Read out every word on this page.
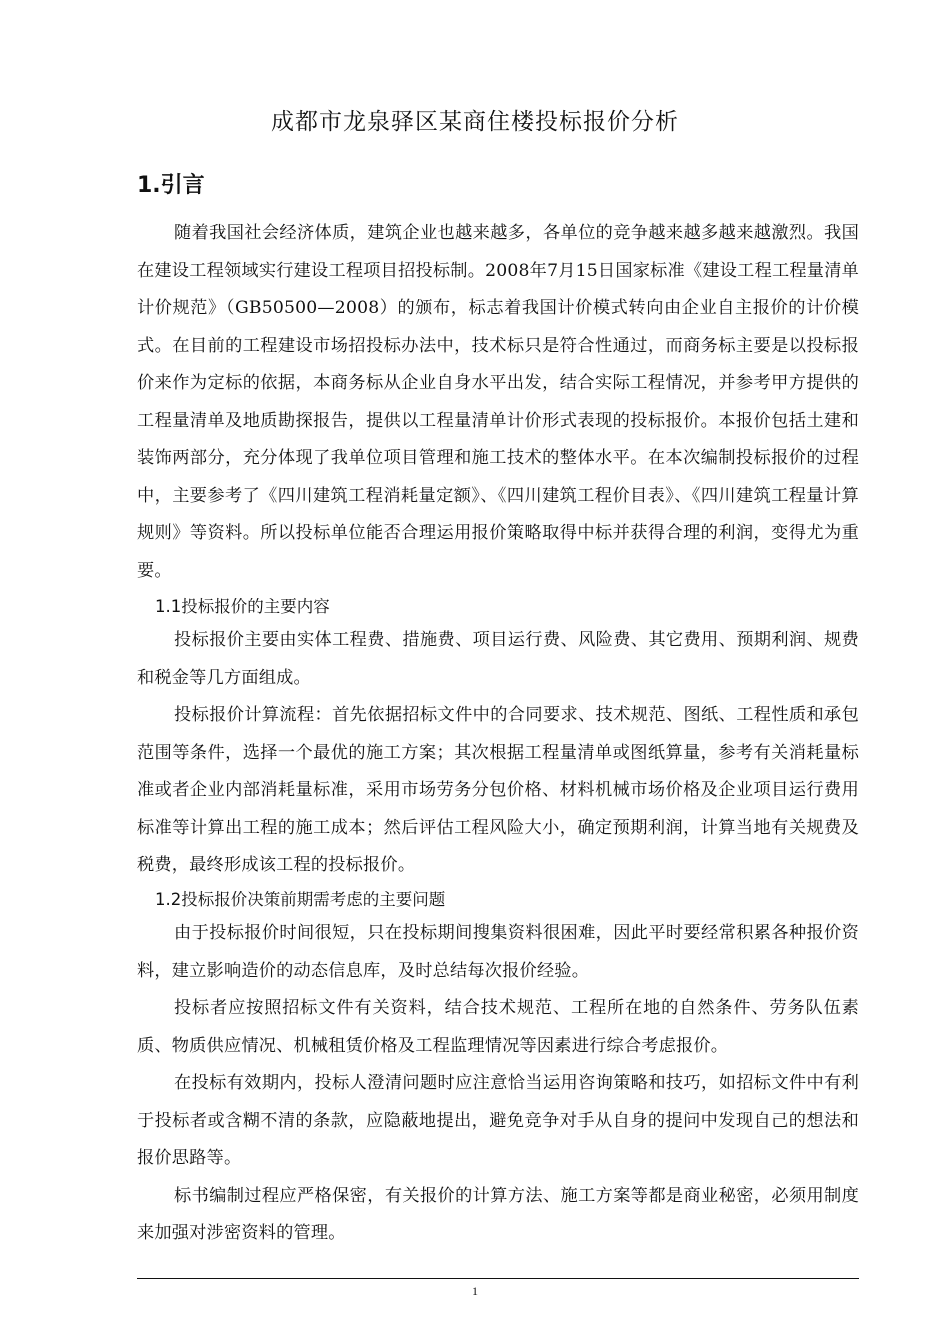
成都市龙泉驿区某商住楼投标报价分析
1.引言

随着我国社会经济体质，建筑企业也越来越多，各单位的竞争越来越多越来越激烈。我国在建设工程领域实行建设工程项目招投标制。2008年7月15日国家标准《建设工程工程量清单计价规范》（GB50500—2008）的颁布，标志着我国计价模式转向由企业自主报价的计价模式。在目前的工程建设市场招投标办法中，技术标只是符合性通过，而商务标主要是以投标报价来作为定标的依据，本商务标从企业自身水平出发，结合实际工程情况，并参考甲方提供的工程量清单及地质勘探报告，提供以工程量清单计价形式表现的投标报价。本报价包括土建和装饰两部分，充分体现了我单位项目管理和施工技术的整体水平。在本次编制投标报价的过程中，主要参考了《四川建筑工程消耗量定额》、《四川建筑工程价目表》、《四川建筑工程量计算规则》等资料。所以投标单位能否合理运用报价策略取得中标并获得合理的利润，变得尤为重要。

1.1投标报价的主要内容

投标报价主要由实体工程费、措施费、项目运行费、风险费、其它费用、预期利润、规费和税金等几方面组成。

投标报价计算流程：首先依据招标文件中的合同要求、技术规范、图纸、工程性质和承包范围等条件，选择一个最优的施工方案；其次根据工程量清单或图纸算量，参考有关消耗量标准或者企业内部消耗量标准，采用市场劳务分包价格、材料机械市场价格及企业项目运行费用标准等计算出工程的施工成本；然后评估工程风险大小，确定预期利润，计算当地有关规费及税费，最终形成该工程的投标报价。

1.2投标报价决策前期需考虑的主要问题

由于投标报价时间很短，只在投标期间搜集资料很困难，因此平时要经常积累各种报价资料，建立影响造价的动态信息库，及时总结每次报价经验。

投标者应按照招标文件有关资料，结合技术规范、工程所在地的自然条件、劳务队伍素质、物质供应情况、机械租赁价格及工程监理情况等因素进行综合考虑报价。

在投标有效期内，投标人澄清问题时应注意恰当运用咨询策略和技巧，如招标文件中有利于投标者或含糊不清的条款，应隐蔽地提出，避免竞争对手从自身的提问中发现自己的想法和报价思路等。

标书编制过程应严格保密，有关报价的计算方法、施工方案等都是商业秘密，必须用制度来加强对涉密资料的管理。

1
